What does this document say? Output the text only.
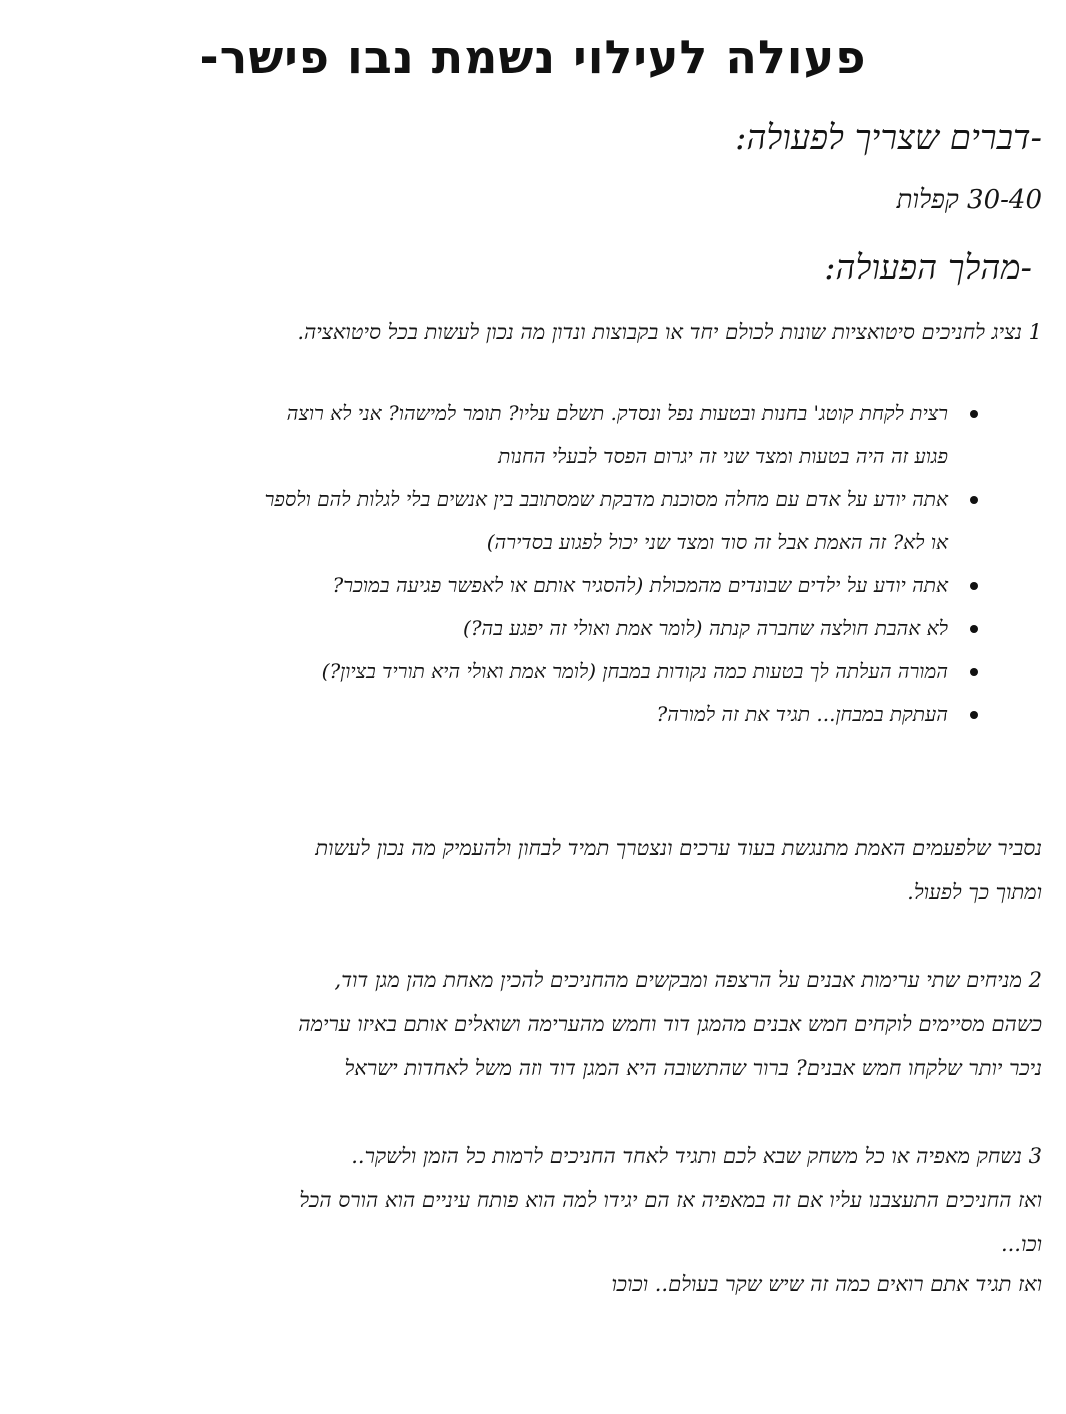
פעולה לעילוי נשמת נבו פישר-

-דברים שצריך לפעולה:

30-40 קפלות

-מהלך הפעולה:

1 נציג לחניכים סיטואציות שונות לכולם יחד או בקבוצות ונדון מה נכון לעשות בכל סיטואציה.

רצית לקחת קוטג' בחנות ובטעות נפל ונסדק. תשלם עליו? תומר למישהו? אני לא רוצה
פגוע זה היה בטעות ומצד שני זה יגרום הפסד לבעלי החנות
אתה יודע על אדם עם מחלה מסוכנת מדבקת שמסתובב בין אנשים בלי לגלות להם ולספר
או לא? זה האמת אבל זה סוד ומצד שני יכול לפגוע בסדירה)
אתה יודע על ילדים שבונדים מהמכולת (להסגיר אותם או לאפשר פגיעה במוכר?
לא אהבת חולצה שחברה קנתה (לומר אמת ואולי זה יפגע בה?)
המורה העלתה לך בטעות כמה נקודות במבחן (לומר אמת ואולי היא תוריד בציון?)
העתקת במבחן... תגיד את זה למורה?

נסביר שלפעמים האמת מתנגשת בעוד ערכים ונצטרך תמיד לבחון ולהעמיק מה נכון לעשות
ומתוך כך לפעול.

2 מניחים שתי ערימות אבנים על הרצפה ומבקשים מהחניכים להכין מאחת מהן מגן דוד,
כשהם מסיימים לוקחים חמש אבנים מהמגן דוד וחמש מהערימה ושואלים אותם באיזו ערימה
ניכר יותר שלקחו חמש אבנים? ברור שהתשובה היא המגן דוד וזה משל לאחדות ישראל

3 נשחק מאפיה או כל משחק שבא לכם ותגיד לאחד החניכים לרמות כל הזמן ולשקר..
ואז החניכים התעצבנו עליו אם זה במאפיה אז הם יגידו למה הוא פותח עיניים הוא הורס הכל
וכו...

ואז תגיד אתם רואים כמה זה שיש שקר בעולם.. וכוכו
